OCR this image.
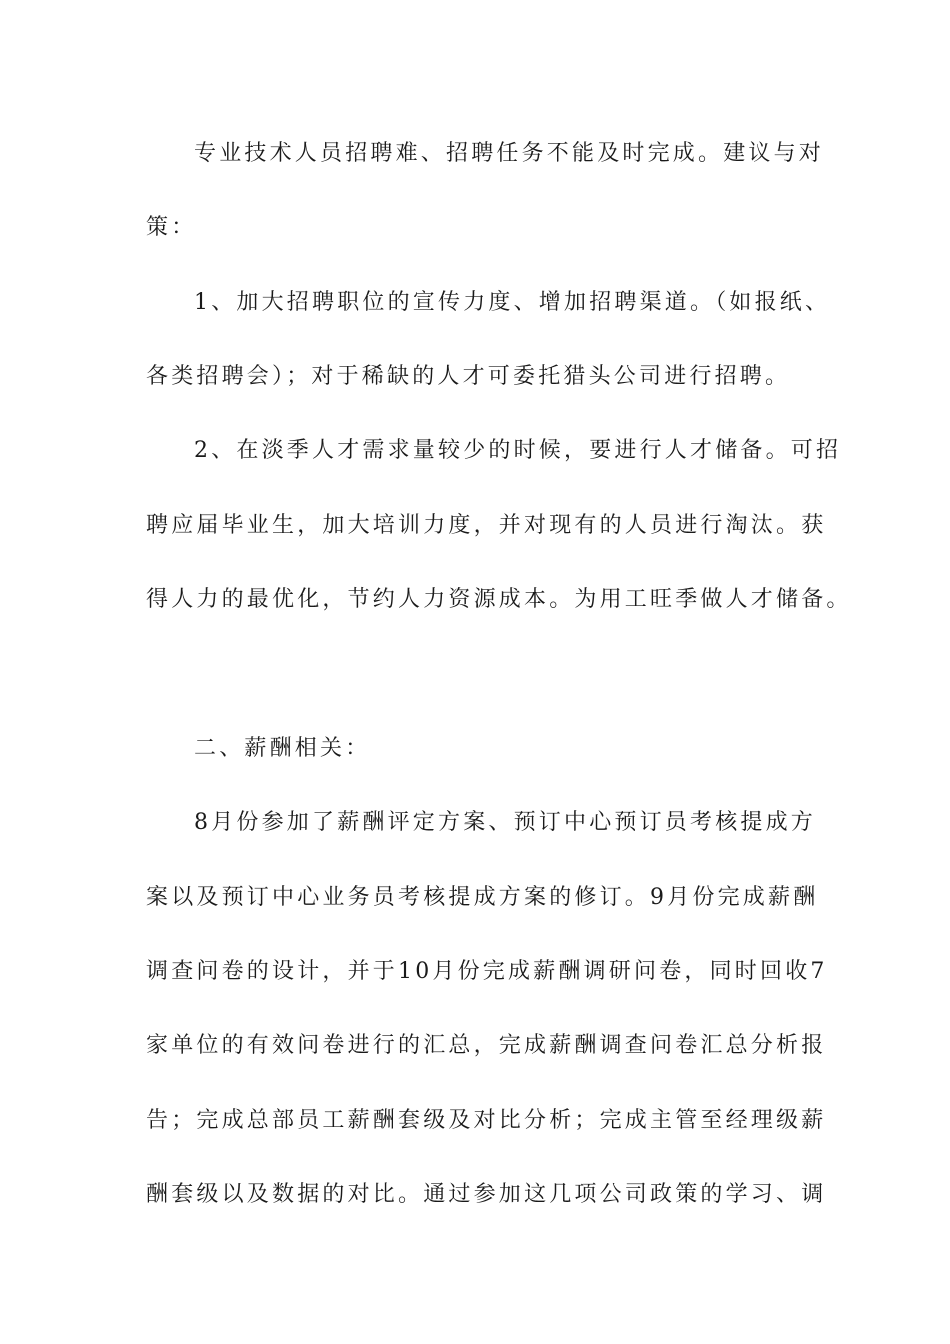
专业技术人员招聘难、招聘任务不能及时完成。建议与对
策：
1、加大招聘职位的宣传力度、增加招聘渠道。（如报纸、
各类招聘会）；对于稀缺的人才可委托猎头公司进行招聘。
2、在淡季人才需求量较少的时候，要进行人才储备。可招
聘应届毕业生，加大培训力度，并对现有的人员进行淘汰。获
得人力的最优化，节约人力资源成本。为用工旺季做人才储备。
二、薪酬相关：
8月份参加了薪酬评定方案、预订中心预订员考核提成方
案以及预订中心业务员考核提成方案的修订。9月份完成薪酬
调查问卷的设计，并于10月份完成薪酬调研问卷，同时回收7
家单位的有效问卷进行的汇总，完成薪酬调查问卷汇总分析报
告；完成总部员工薪酬套级及对比分析；完成主管至经理级薪
酬套级以及数据的对比。通过参加这几项公司政策的学习、调
